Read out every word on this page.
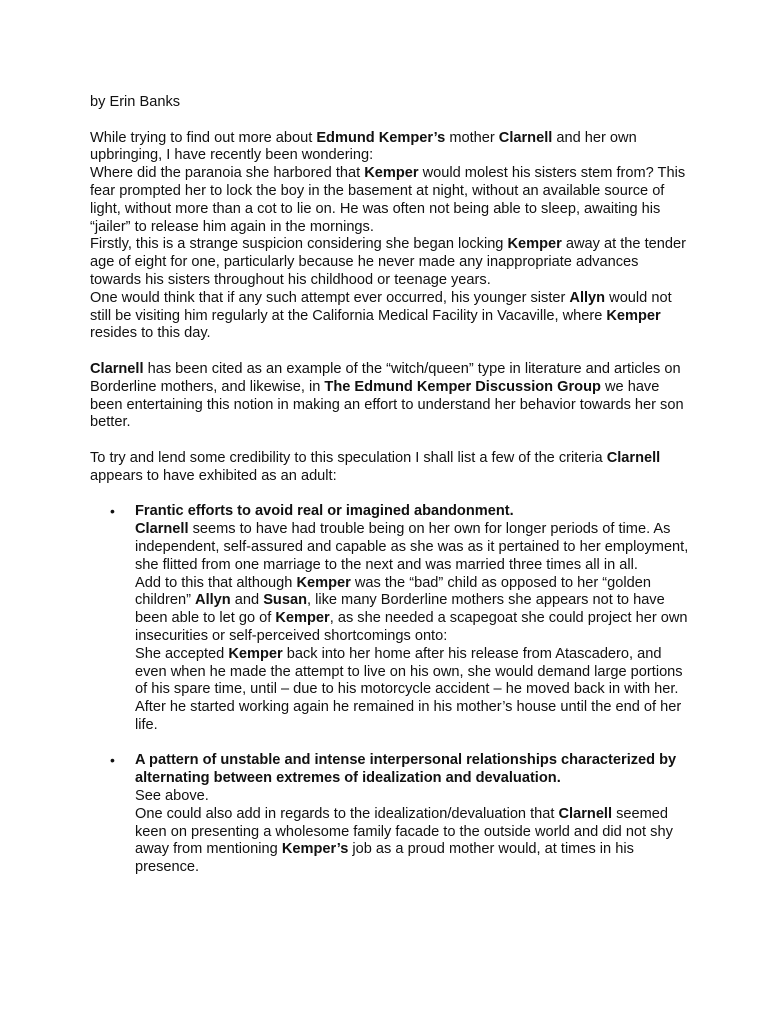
by Erin Banks

While trying to find out more about Edmund Kemper’s mother Clarnell and her own upbringing, I have recently been wondering:
Where did the paranoia she harbored that Kemper would molest his sisters stem from? This fear prompted her to lock the boy in the basement at night, without an available source of light, without more than a cot to lie on. He was often not being able to sleep, awaiting his “jailer” to release him again in the mornings.
Firstly, this is a strange suspicion considering she began locking Kemper away at the tender age of eight for one, particularly because he never made any inappropriate advances towards his sisters throughout his childhood or teenage years.
One would think that if any such attempt ever occurred, his younger sister Allyn would not still be visiting him regularly at the California Medical Facility in Vacaville, where Kemper resides to this day.

Clarnell has been cited as an example of the “witch/queen” type in literature and articles on Borderline mothers, and likewise, in The Edmund Kemper Discussion Group we have been entertaining this notion in making an effort to understand her behavior towards her son better.

To try and lend some credibility to this speculation I shall list a few of the criteria Clarnell appears to have exhibited as an adult:

• Frantic efforts to avoid real or imagined abandonment.
Clarnell seems to have had trouble being on her own for longer periods of time. As independent, self-assured and capable as she was as it pertained to her employment, she flitted from one marriage to the next and was married three times all in all.
Add to this that although Kemper was the “bad” child as opposed to her “golden children” Allyn and Susan, like many Borderline mothers she appears not to have been able to let go of Kemper, as she needed a scapegoat she could project her own insecurities or self-perceived shortcomings onto:
She accepted Kemper back into her home after his release from Atascadero, and even when he made the attempt to live on his own, she would demand large portions of his spare time, until – due to his motorcycle accident – he moved back in with her.
After he started working again he remained in his mother’s house until the end of her life.
• A pattern of unstable and intense interpersonal relationships characterized by alternating between extremes of idealization and devaluation.
See above.
One could also add in regards to the idealization/devaluation that Clarnell seemed keen on presenting a wholesome family facade to the outside world and did not shy away from mentioning Kemper’s job as a proud mother would, at times in his presence.
